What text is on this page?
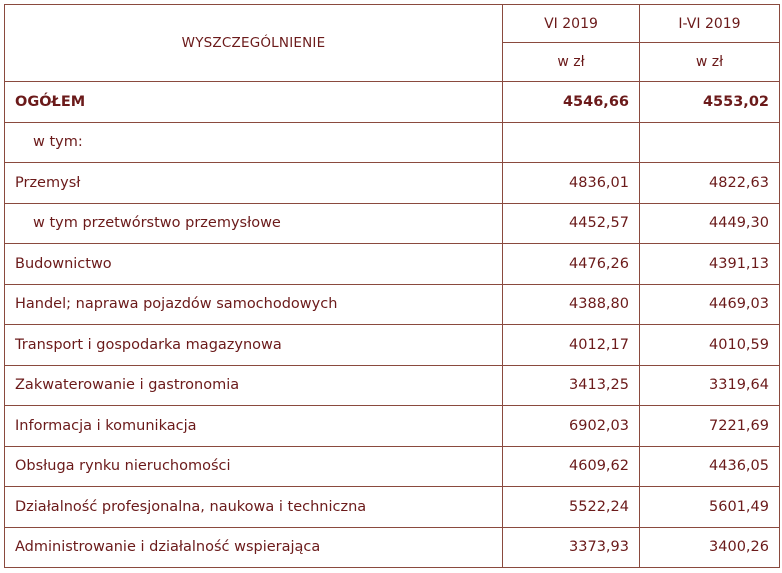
WYSZCZEGÓLNIENIE	VI 2019	I-VI 2019
	w zł	w zł
OGÓŁEM	4546,66	4553,02
w tym:		
Przemysł	4836,01	4822,63
w tym przetwórstwo przemysłowe	4452,57	4449,30
Budownictwo	4476,26	4391,13
Handel; naprawa pojazdów samochodowych	4388,80	4469,03
Transport i gospodarka magazynowa	4012,17	4010,59
Zakwaterowanie i gastronomia	3413,25	3319,64
Informacja i komunikacja	6902,03	7221,69
Obsługa rynku nieruchomości	4609,62	4436,05
Działalność profesjonalna, naukowa i techniczna	5522,24	5601,49
Administrowanie i działalność wspierająca	3373,93	3400,26
